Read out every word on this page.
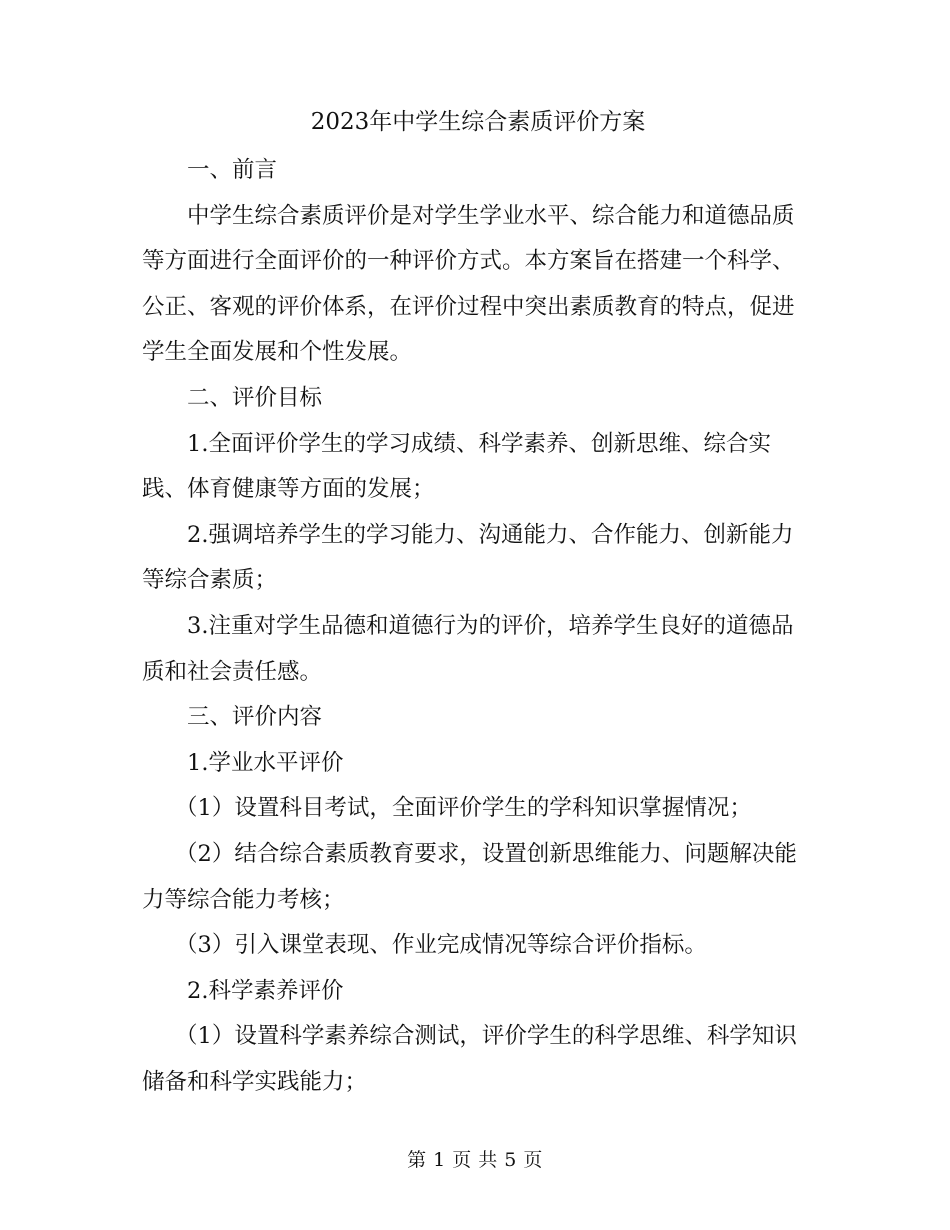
2023年中学生综合素质评价方案

一、前言

中学生综合素质评价是对学生学业水平、综合能力和道德品质等方面进行全面评价的一种评价方式。本方案旨在搭建一个科学、公正、客观的评价体系，在评价过程中突出素质教育的特点，促进学生全面发展和个性发展。

二、评价目标

1.全面评价学生的学习成绩、科学素养、创新思维、综合实践、体育健康等方面的发展；

2.强调培养学生的学习能力、沟通能力、合作能力、创新能力等综合素质；

3.注重对学生品德和道德行为的评价，培养学生良好的道德品质和社会责任感。

三、评价内容

1.学业水平评价

（1）设置科目考试，全面评价学生的学科知识掌握情况；

（2）结合综合素质教育要求，设置创新思维能力、问题解决能力等综合能力考核；

（3）引入课堂表现、作业完成情况等综合评价指标。

2.科学素养评价

（1）设置科学素养综合测试，评价学生的科学思维、科学知识储备和科学实践能力；

第 1 页 共 5 页
